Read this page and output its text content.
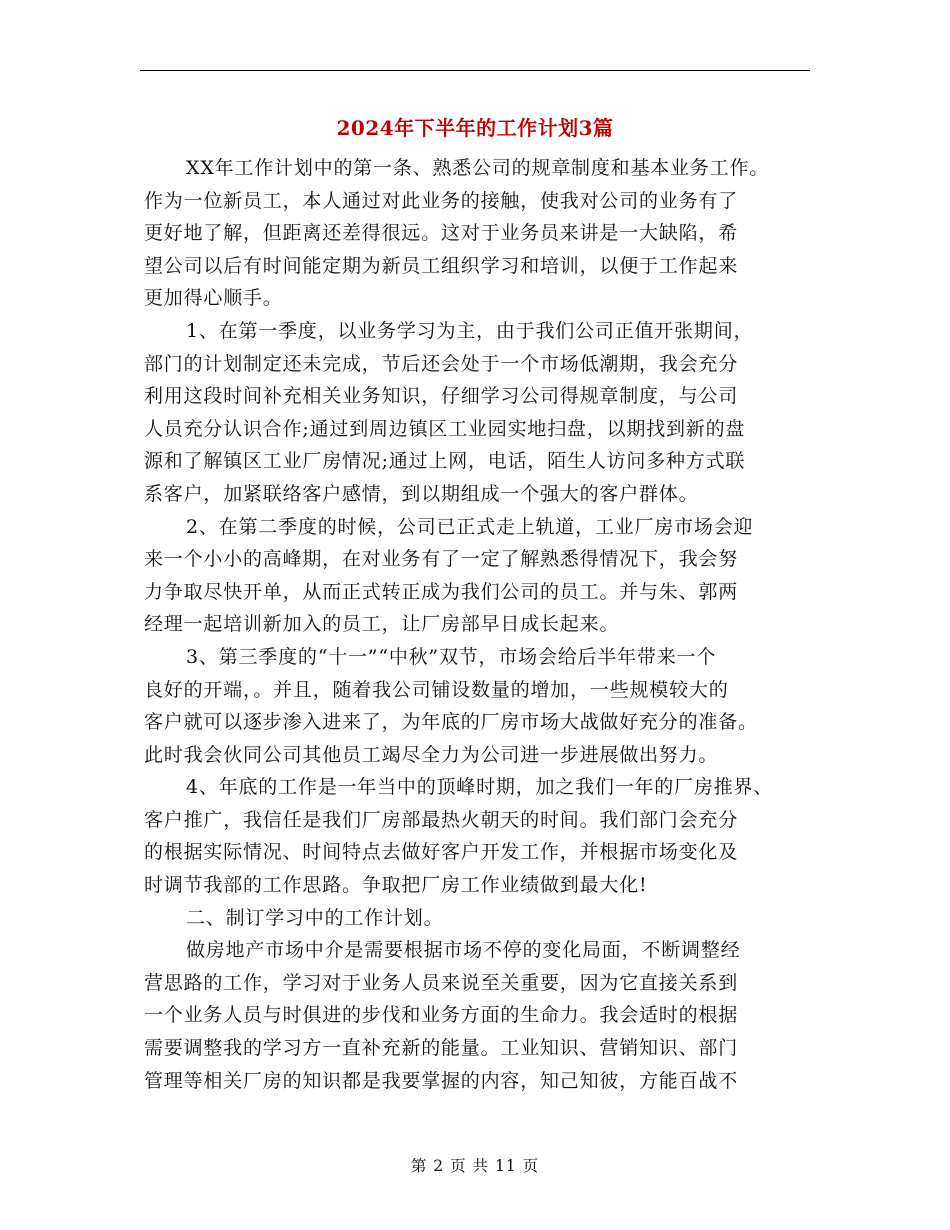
2024年下半年的工作计划3篇
XX年工作计划中的第一条、熟悉公司的规章制度和基本业务工作。
作为一位新员工，本人通过对此业务的接触，使我对公司的业务有了
更好地了解，但距离还差得很远。这对于业务员来讲是一大缺陷，希
望公司以后有时间能定期为新员工组织学习和培训，以便于工作起来
更加得心顺手。
1、在第一季度，以业务学习为主，由于我们公司正值开张期间，
部门的计划制定还未完成，节后还会处于一个市场低潮期，我会充分
利用这段时间补充相关业务知识，仔细学习公司得规章制度，与公司
人员充分认识合作;通过到周边镇区工业园实地扫盘，以期找到新的盘
源和了解镇区工业厂房情况;通过上网，电话，陌生人访问多种方式联
系客户，加紧联络客户感情，到以期组成一个强大的客户群体。
2、在第二季度的时候，公司已正式走上轨道，工业厂房市场会迎
来一个小小的高峰期，在对业务有了一定了解熟悉得情况下，我会努
力争取尽快开单，从而正式转正成为我们公司的员工。并与朱、郭两
经理一起培训新加入的员工，让厂房部早日成长起来。
3、第三季度的“十一”“中秋”双节，市场会给后半年带来一个
良好的开端，。并且，随着我公司铺设数量的增加，一些规模较大的
客户就可以逐步渗入进来了，为年底的厂房市场大战做好充分的准备。
此时我会伙同公司其他员工竭尽全力为公司进一步进展做出努力。
4、年底的工作是一年当中的顶峰时期，加之我们一年的厂房推界、
客户推广，我信任是我们厂房部最热火朝天的时间。我们部门会充分
的根据实际情况、时间特点去做好客户开发工作，并根据市场变化及
时调节我部的工作思路。争取把厂房工作业绩做到最大化!
二、制订学习中的工作计划。
做房地产市场中介是需要根据市场不停的变化局面，不断调整经
营思路的工作，学习对于业务人员来说至关重要，因为它直接关系到
一个业务人员与时俱进的步伐和业务方面的生命力。我会适时的根据
需要调整我的学习方一直补充新的能量。工业知识、营销知识、部门
管理等相关厂房的知识都是我要掌握的内容，知己知彼，方能百战不
第 2 页 共 11 页
